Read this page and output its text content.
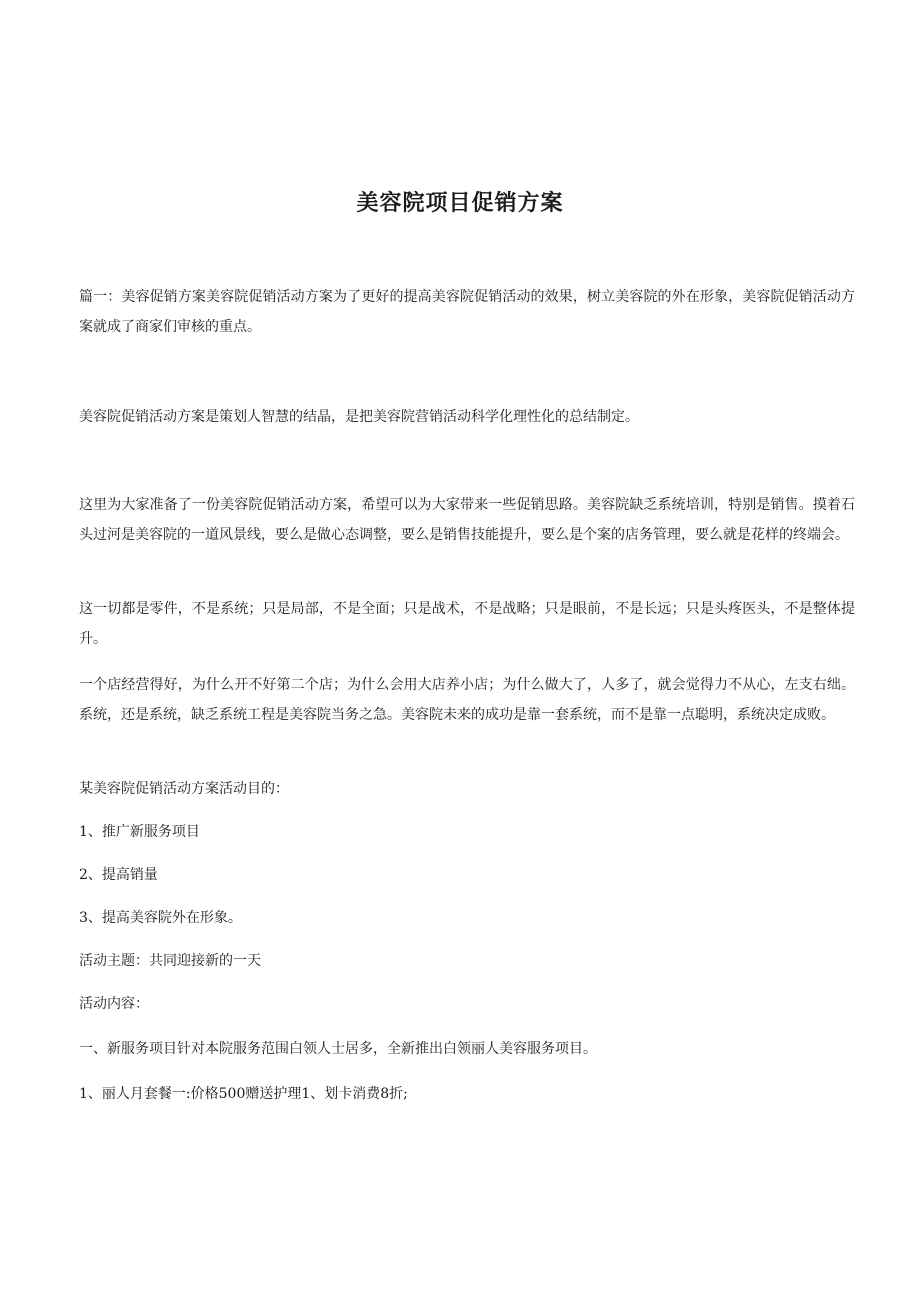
美容院项目促销方案

篇一：美容促销方案美容院促销活动方案为了更好的提高美容院促销活动的效果，树立美容院的外在形象，美容院促销活动方案就成了商家们审核的重点。

美容院促销活动方案是策划人智慧的结晶，是把美容院营销活动科学化理性化的总结制定。

这里为大家准备了一份美容院促销活动方案，希望可以为大家带来一些促销思路。美容院缺乏系统培训，特别是销售。摸着石头过河是美容院的一道风景线，要么是做心态调整，要么是销售技能提升，要么是个案的店务管理，要么就是花样的终端会。

这一切都是零件，不是系统；只是局部，不是全面；只是战术，不是战略；只是眼前，不是长远；只是头疼医头，不是整体提升。

一个店经营得好，为什么开不好第二个店；为什么会用大店养小店；为什么做大了，人多了，就会觉得力不从心，左支右绌。系统，还是系统，缺乏系统工程是美容院当务之急。美容院未来的成功是靠一套系统，而不是靠一点聪明，系统决定成败。

某美容院促销活动方案活动目的：

1、推广新服务项目

2、提高销量

3、提高美容院外在形象。

活动主题：共同迎接新的一天

活动内容：

一、新服务项目针对本院服务范围白领人士居多，全新推出白领丽人美容服务项目。

1、丽人月套餐一:价格500赠送护理1、划卡消费8折;
